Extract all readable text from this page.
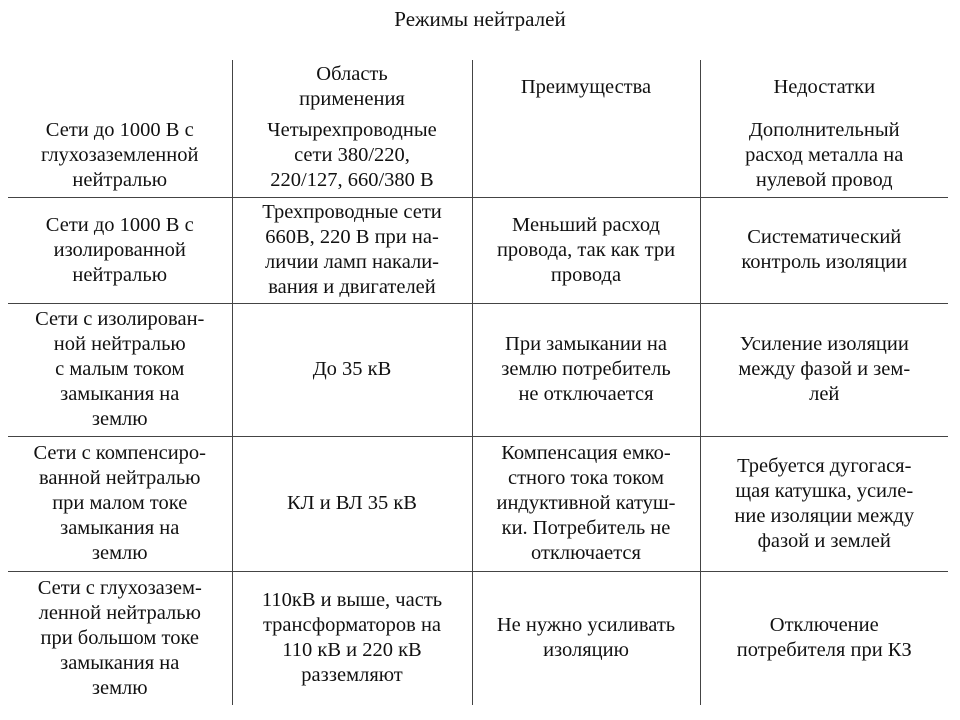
Режимы нейтралей
	Область
применения	Преимущества	Недостатки
Сети до 1000 В с
глухозаземленной
нейтралью	Четырехпроводные
сети 380/220,
220/127, 660/380 В		Дополнительный
расход металла на
нулевой провод
Сети до 1000 В с
изолированной
нейтралью	Трехпроводные сети
660В, 220 В при на-
личии ламп накали-
вания и двигателей	Меньший расход
провода, так как три
провода	Систематический
контроль изоляции
Сети с изолирован-
ной нейтралью
с малым током
замыкания на
землю	До 35 кВ	При замыкании на
землю потребитель
не отключается	Усиление изоляции
между фазой и зем-
лей
Сети с компенсиро-
ванной нейтралью
при малом токе
замыкания на
землю	КЛ и ВЛ 35 кВ	Компенсация емко-
стного тока током
индуктивной катуш-
ки. Потребитель не
отключается	Требуется дугогася-
щая катушка, усиле-
ние изоляции между
фазой и землей
Сети с глухозазем-
ленной нейтралью
при большом токе
замыкания на
землю	110кВ и выше, часть
трансформаторов на
110 кВ и 220 кВ
разземляют	Не нужно усиливать
изоляцию	Отключение
потребителя при КЗ
